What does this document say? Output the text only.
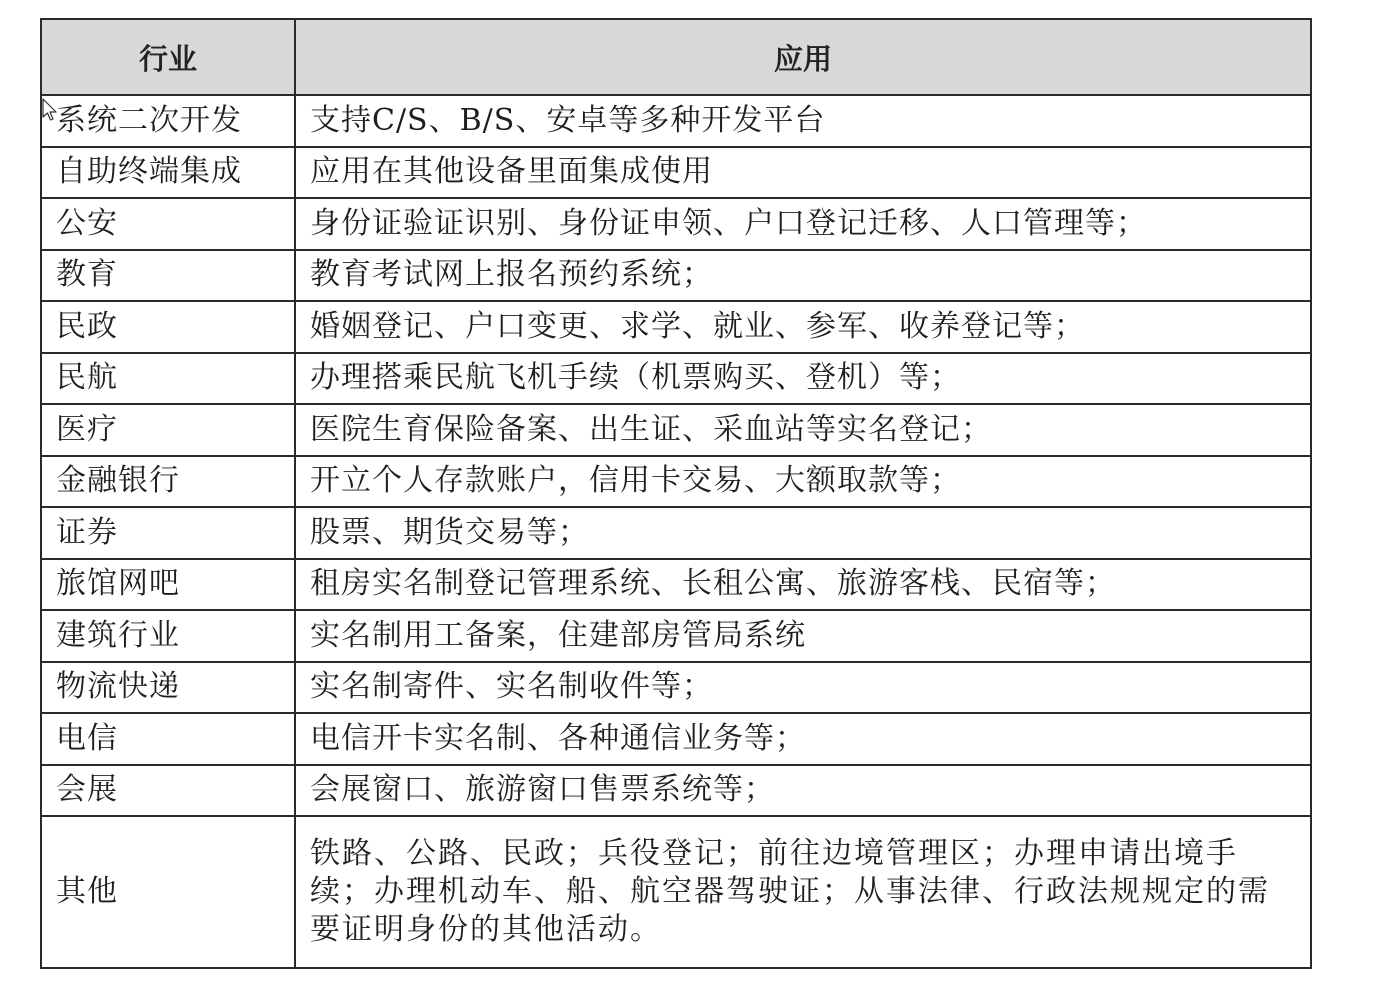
行业	应用
系统二次开发	支持C/S、B/S、安卓等多种开发平台
自助终端集成	应用在其他设备里面集成使用
公安	身份证验证识别、身份证申领、户口登记迁移、人口管理等；
教育	教育考试网上报名预约系统；
民政	婚姻登记、户口变更、求学、就业、参军、收养登记等；
民航	办理搭乘民航飞机手续（机票购买、登机）等；
医疗	医院生育保险备案、出生证、采血站等实名登记；
金融银行	开立个人存款账户，信用卡交易、大额取款等；
证券	股票、期货交易等；
旅馆网吧	租房实名制登记管理系统、长租公寓、旅游客栈、民宿等；
建筑行业	实名制用工备案，住建部房管局系统
物流快递	实名制寄件、实名制收件等；
电信	电信开卡实名制、各种通信业务等；
会展	会展窗口、旅游窗口售票系统等；
其他	铁路、公路、民政；兵役登记；前往边境管理区；办理申请出境手续；办理机动车、船、航空器驾驶证；从事法律、行政法规规定的需要证明身份的其他活动。
